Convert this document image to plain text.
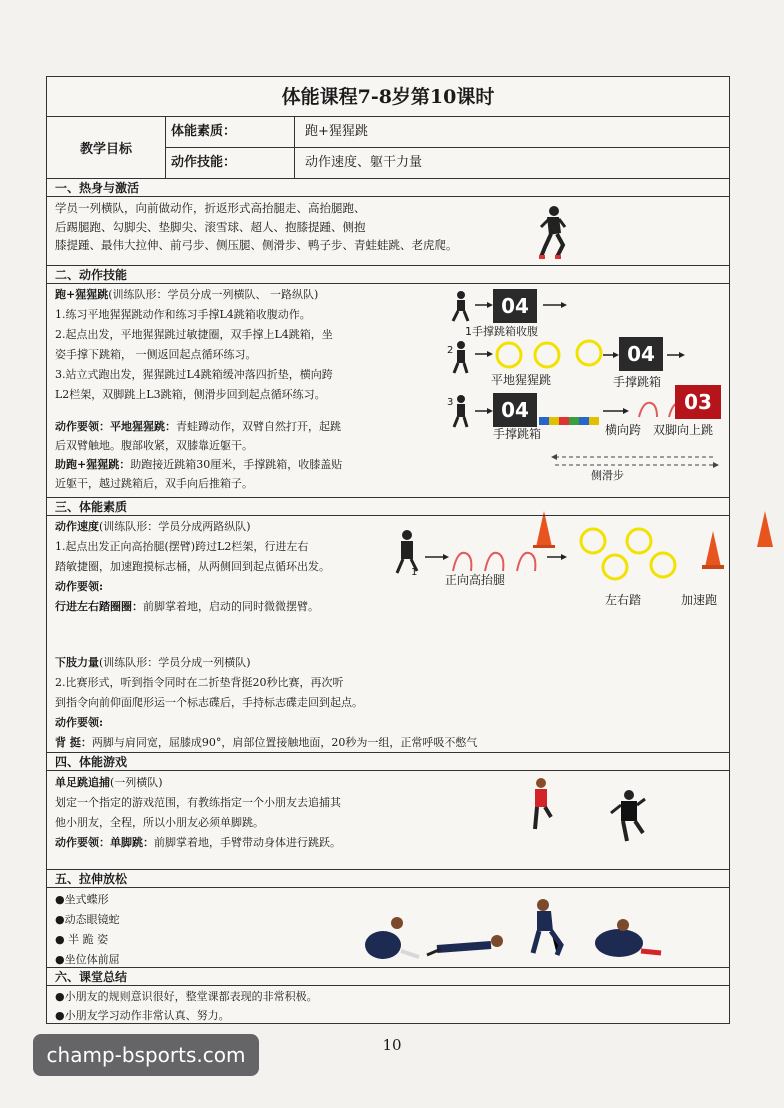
体能课程7-8岁第10课时
教学目标
体能素质：	跑+猩猩跳
动作技能：	动作速度、躯干力量
一、热身与激活
学员一列横队，向前做动作，折返形式高抬腿走、高抬腿跑、
后踢腿跑、勾脚尖、垫脚尖、滚雪球、超人、抱膝提踵、侧抱
膝提踵、最伟大拉伸、前弓步、侧压腿、侧滑步、鸭子步、青蛙蛙跳、老虎爬。
二、动作技能
跑+猩猩跳(训练队形：学员分成一列横队、 一路纵队)
1.练习平地猩猩跳动作和练习手撑L4跳箱收腹动作。
2.起点出发，平地猩猩跳过敏捷圈，双手撑上L4跳箱，坐
姿手撑下跳箱， 一侧返回起点循环练习。
3.站立式跑出发，猩猩跳过L4跳箱缓冲落四折垫，横向跨
L2栏架，双脚跳上L3跳箱，侧滑步回到起点循环练习。
动作要领：平地猩猩跳：青蛙蹲动作，双臂自然打开，起跳
后双臂触地。腹部收紧，双膝靠近躯干。
助跑+猩猩跳：助跑接近跳箱30厘米，手撑跳箱，收膝盖贴
近躯干，越过跳箱后，双手向后推箱子。
04
04
04	03
2
3
1手撑跳箱收腹
平地猩猩跳	手撑跳箱
手撑跳箱	横向跨 双脚向上跳
侧滑步
三、体能素质
动作速度(训练队形：学员分成两路纵队)
1.起点出发正向高抬腿(摆臂)跨过L2栏架，行进左右
踏敏捷圈，加速跑摸标志桶，从两侧回到起点循环出发。
动作要领:
行进左右踏圈圈：前脚掌着地，启动的同时微微摆臂。
1
正向高抬腿
左右踏	加速跑
下肢力量(训练队形：学员分成一列横队)
2.比赛形式，听到指令同时在二折垫背挺20秒比赛，再次听
到指令向前仰面爬形运一个标志碟后，手持标志碟走回到起点。
动作要领:
背 挺：两脚与肩同宽，屈膝成90°，肩部位置接触地面，20秒为一组，正常呼吸不憋气
四、体能游戏
单足跳追捕(一列横队)
划定一个指定的游戏范围，有教练指定一个小朋友去追捕其
他小朋友，全程，所以小朋友必须单脚跳。
动作要领：单脚跳：前脚掌着地，手臂带动身体进行跳跃。
五、拉伸放松
●坐式蝶形
●动态眼镜蛇
● 半 跪 姿
●坐位体前屈
六、课堂总结
●小朋友的规则意识很好，整堂课都表现的非常积极。
●小朋友学习动作非常认真、努力。
10
champ-bsports.com
